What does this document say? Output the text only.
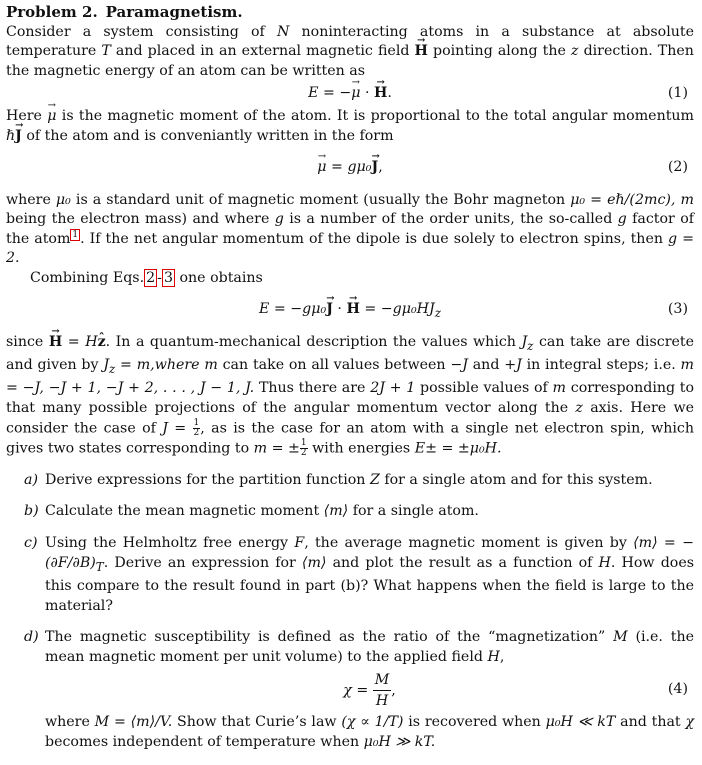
Problem 2. Paramagnetism.

Consider a system consisting of N noninteracting atoms in a substance at absolute temperature T and placed in an external magnetic field H → pointing along the z direction. Then the magnetic energy of an atom can be written as

E = −μ → · H →.	(1)

Here μ → is the magnetic moment of the atom. It is proportional to the total angular momentum ℏJ → of the atom and is conveniantly written in the form

μ → = gμ₀J →,	(2)

where μ₀ is a standard unit of magnetic moment (usually the Bohr magneton μ₀ = eℏ/(2mc), m being the electron mass) and where g is a number of the order units, the so-called g factor of the atom $^1$ . If the net angular momentum of the dipole is due solely to electron spins, then g = 2.

Combining Eqs. 2 - 3 one obtains

E = −gμ₀J → · H → = $-g\mu_0HJ_z$	(3)

since H → = Hz ˆ. In a quantum-mechanical description the values which $J_z$ can take are discrete and given by $J_z$ = m,where m can take on all values between −J and +J in integral steps; i.e. m = −J, −J + 1, −J + 2, . . . , J − 1, J. Thus there are 2J + 1 possible values of m corresponding to that many possible projections of the angular momentum vector along the z axis. Here we consider the case of $J = \frac{1}{2}$ , as is the case for an atom with a single net electron spin, which gives two states corresponding to m = ± $\frac{1}{2}$ with energies E± = ±μ₀H.

a) Derive expressions for the partition function Z for a single atom and for this system.
b) Calculate the mean magnetic moment ⟨m⟩ for a single atom.
c) Using the Helmholtz free energy F, the average magnetic moment is given by ⟨m⟩ = $-(\partial F/\partial B)_T$. Derive an expression for ⟨m⟩ and plot the result as a function of H. How does this compare to the result found in part (b)? What happens when the field is large to the material?
d) The magnetic susceptibility is defined as the ratio of the “magnetization” M (i.e. the mean magnetic moment per unit volume) to the applied field H,
$\chi = \frac{M}{H}$ ,	(4)
where M = ⟨m⟩/V. Show that Curie’s law (χ ∝ 1/T) is recovered when μ₀H ≪ kT and that χ becomes independent of temperature when μ₀H ≫ kT.
